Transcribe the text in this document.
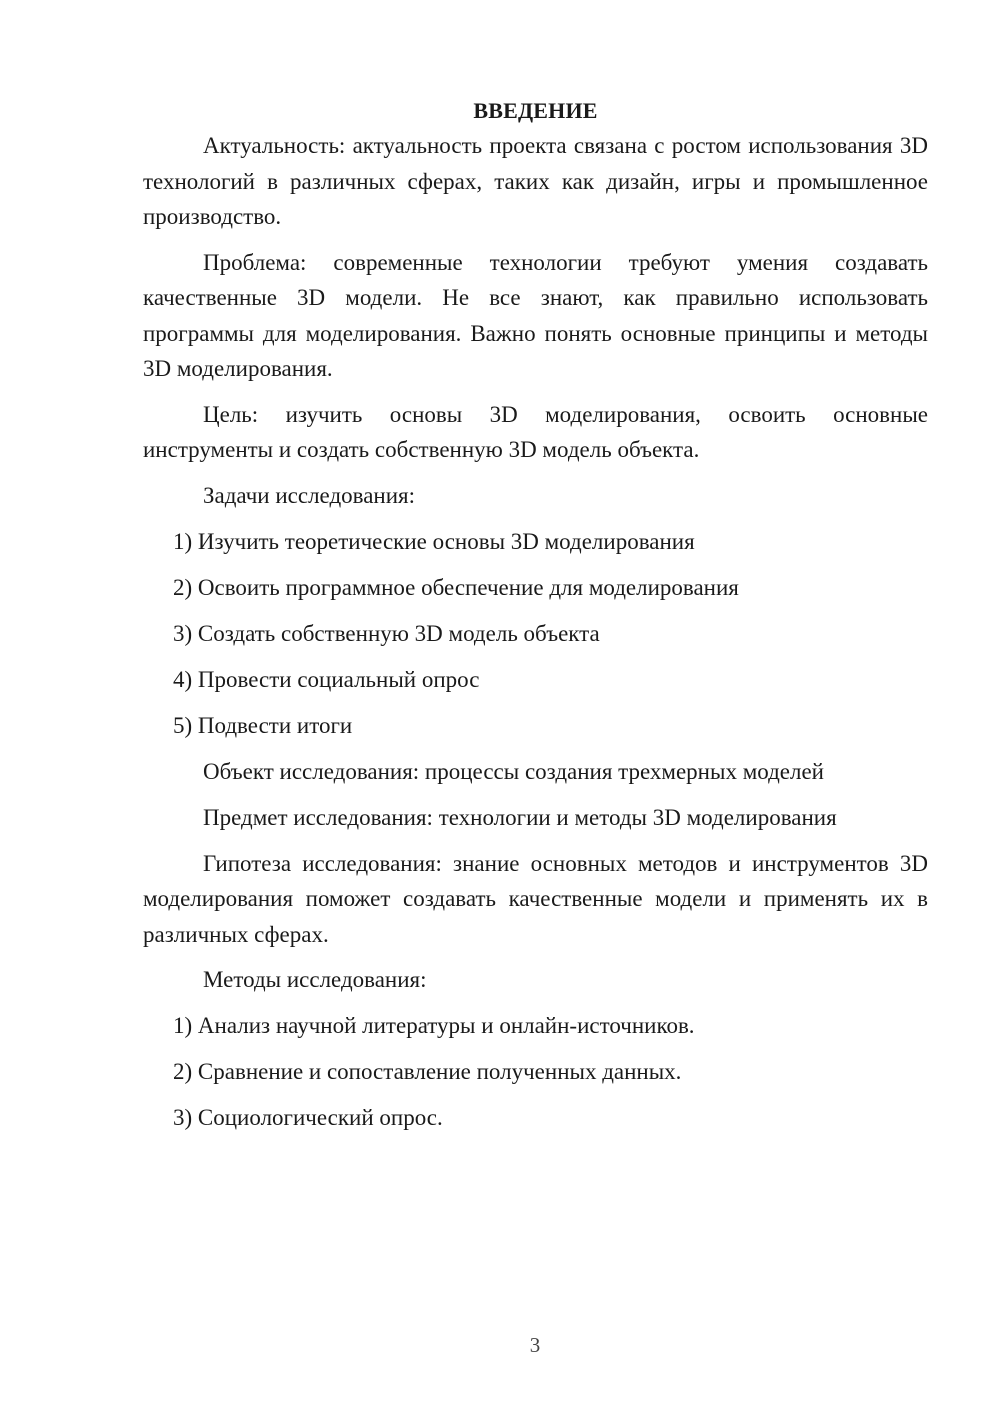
ВВЕДЕНИЕ

Актуальность: актуальность проекта связана с ростом использования 3D технологий в различных сферах, таких как дизайн, игры и промышленное производство.

Проблема: современные технологии требуют умения создавать качественные 3D модели. Не все знают, как правильно использовать программы для моделирования. Важно понять основные принципы и методы 3D моделирования.

Цель: изучить основы 3D моделирования, освоить основные инструменты и создать собственную 3D модель объекта.

Задачи исследования:

1) Изучить теоретические основы 3D моделирования

2) Освоить программное обеспечение для моделирования

3) Создать собственную 3D модель объекта

4) Провести социальный опрос

5) Подвести итоги

Объект исследования: процессы создания трехмерных моделей

Предмет исследования: технологии и методы 3D моделирования

Гипотеза исследования: знание основных методов и инструментов 3D моделирования поможет создавать качественные модели и применять их в различных сферах.

Методы исследования:

1) Анализ научной литературы и онлайн-источников.

2) Сравнение и сопоставление полученных данных.

3) Социологический опрос.

3
